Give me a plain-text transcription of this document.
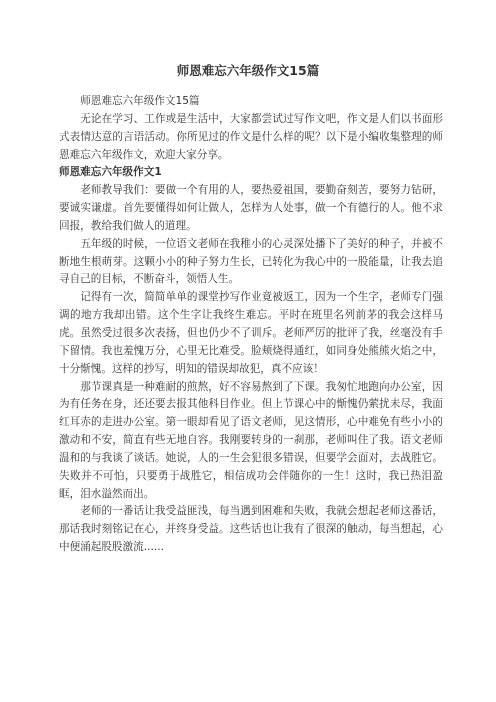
师恩难忘六年级作文15篇

师恩难忘六年级作文15篇

无论在学习、工作或是生活中，大家都尝试过写作文吧，作文是人们以书面形式表情达意的言语活动。你所见过的作文是什么样的呢？以下是小编收集整理的师恩难忘六年级作文，欢迎大家分享。

师恩难忘六年级作文1

老师教导我们：要做一个有用的人，要热爱祖国，要勤奋刻苦，要努力钻研，要诚实谦虚。首先要懂得如何让做人，怎样为人处事，做一个有德行的人。他不求回报，教给我们做人的道理。

五年级的时候，一位语文老师在我稚小的心灵深处播下了美好的种子，并被不断地生根萌芽。这颗小小的种子努力生长，已转化为我心中的一股能量，让我去追寻自己的目标，不断奋斗，领悟人生。

记得有一次，简简单单的课堂抄写作业竟被返工，因为一个生字，老师专门强调的地方我却出错。这个生字让我终生难忘。平时在班里名列前茅的我会这样马虎。虽然受过很多次表扬，但也仍少不了训斥。老师严厉的批评了我，丝毫没有手下留情。我也羞愧万分，心里无比难受。脸颊烧得通红，如同身处熊熊火焰之中，十分惭愧。这样的抄写，明知的错误却故犯，真不应该！

那节课真是一种难耐的煎熬，好不容易熬到了下课。我匆忙地跑向办公室，因为有任务在身，还还要去报其他科目作业。但上节课心中的惭愧仍萦扰未尽，我面红耳赤的走进办公室。第一眼却看见了语文老师，见这情形，心中难免有些小小的激动和不安，简直有些无地自容。我刚要转身的一刹那，老师叫住了我。语文老师温和的与我谈了谈话。她说，人的一生会犯很多错误，但要学会面对，去战胜它。失败并不可怕，只要勇于战胜它，相信成功会伴随你的一生！这时，我已热泪盈眶，泪水溢然而出。

老师的一番话让我受益匪浅，每当遇到困难和失败，我就会想起老师这番话，那话我时刻铭记在心，并终身受益。这些话也让我有了很深的触动，每当想起，心中便涌起股股激流......
